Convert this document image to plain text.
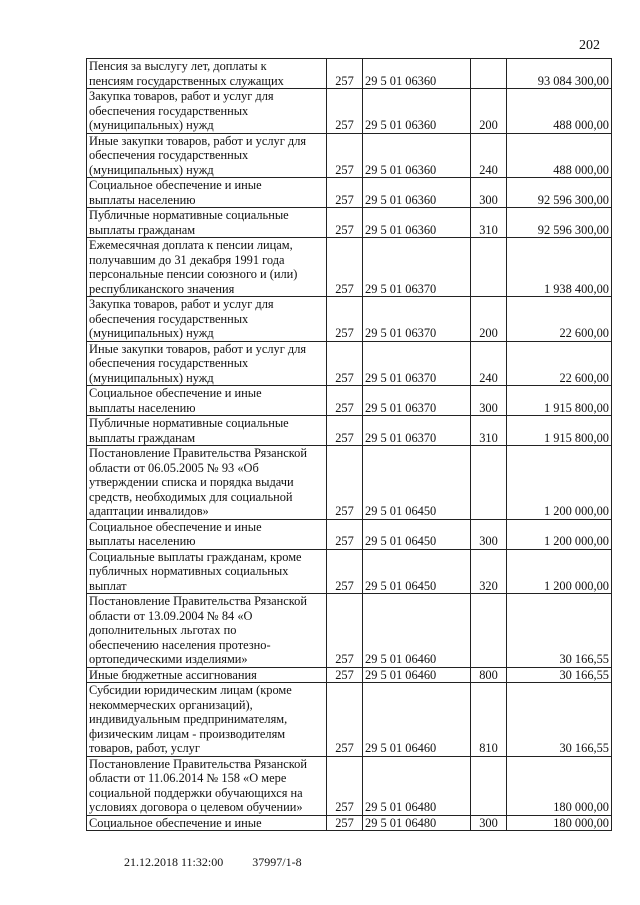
202
Пенсия за выслугу лет, доплаты к
пенсиям государственных служащих	257	29 5 01 06360		93 084 300,00

Закупка товаров, работ и услуг для
обеспечения государственных
(муниципальных) нужд	257	29 5 01 06360	200	488 000,00

Иные закупки товаров, работ и услуг для
обеспечения государственных
(муниципальных) нужд	257	29 5 01 06360	240	488 000,00

Социальное обеспечение и иные
выплаты населению	257	29 5 01 06360	300	92 596 300,00

Публичные нормативные социальные
выплаты гражданам	257	29 5 01 06360	310	92 596 300,00

Ежемесячная доплата к пенсии лицам,
получавшим до 31 декабря 1991 года
персональные пенсии союзного и (или)
республиканского значения	257	29 5 01 06370		1 938 400,00

Закупка товаров, работ и услуг для
обеспечения государственных
(муниципальных) нужд	257	29 5 01 06370	200	22 600,00

Иные закупки товаров, работ и услуг для
обеспечения государственных
(муниципальных) нужд	257	29 5 01 06370	240	22 600,00

Социальное обеспечение и иные
выплаты населению	257	29 5 01 06370	300	1 915 800,00

Публичные нормативные социальные
выплаты гражданам	257	29 5 01 06370	310	1 915 800,00

Постановление Правительства Рязанской
области от 06.05.2005 № 93 «Об
утверждении списка и порядка выдачи
средств, необходимых для социальной
адаптации инвалидов»	257	29 5 01 06450		1 200 000,00

Социальное обеспечение и иные
выплаты населению	257	29 5 01 06450	300	1 200 000,00

Социальные выплаты гражданам, кроме
публичных нормативных социальных
выплат	257	29 5 01 06450	320	1 200 000,00

Постановление Правительства Рязанской
области от 13.09.2004 № 84 «О
дополнительных льготах по
обеспечению населения протезно-
ортопедическими изделиями»	257	29 5 01 06460		30 166,55

Иные бюджетные ассигнования	257	29 5 01 06460	800	30 166,55

Субсидии юридическим лицам (кроме
некоммерческих организаций),
индивидуальным предпринимателям,
физическим лицам - производителям
товаров, работ, услуг	257	29 5 01 06460	810	30 166,55

Постановление Правительства Рязанской
области от 11.06.2014 № 158 «О мере
социальной поддержки обучающихся на
условиях договора о целевом обучении»	257	29 5 01 06480		180 000,00

Социальное обеспечение и иные	257	29 5 01 06480	300	180 000,00
21.12.2018 11:32:00 37997/1-8
